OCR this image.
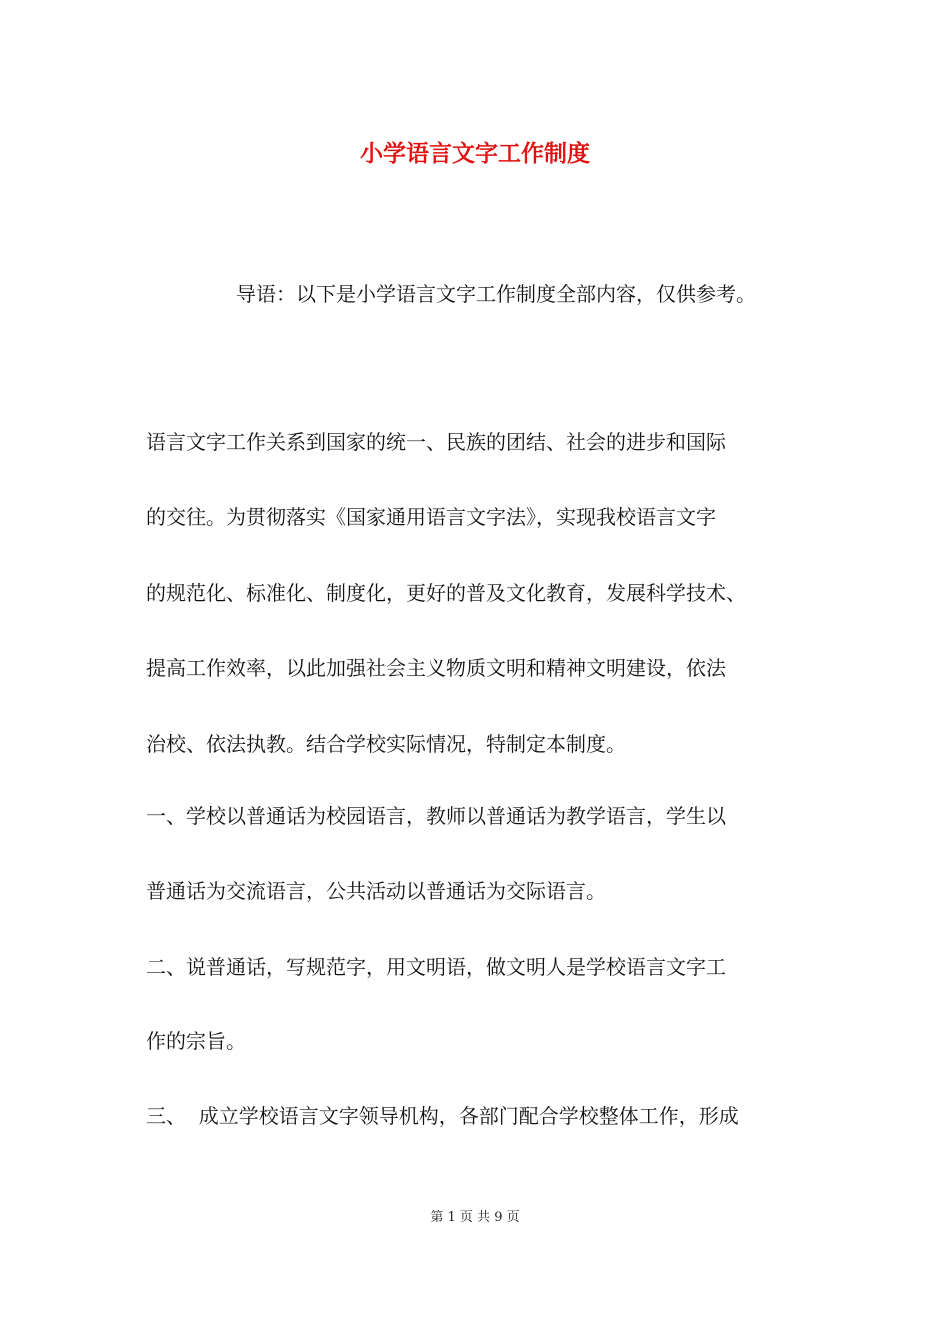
小学语言文字工作制度
导语：以下是小学语言文字工作制度全部内容，仅供参考。
语言文字工作关系到国家的统一、民族的团结、社会的进步和国际
的交往。为贯彻落实《国家通用语言文字法》，实现我校语言文字
的规范化、标准化、制度化，更好的普及文化教育，发展科学技术、
提高工作效率，以此加强社会主义物质文明和精神文明建设，依法
治校、依法执教。结合学校实际情况，特制定本制度。
一、学校以普通话为校园语言，教师以普通话为教学语言，学生以
普通话为交流语言，公共活动以普通话为交际语言。
二、说普通话，写规范字，用文明语，做文明人是学校语言文字工
作的宗旨。
三、  成立学校语言文字领导机构，各部门配合学校整体工作，形成
第 1 页 共 9 页
